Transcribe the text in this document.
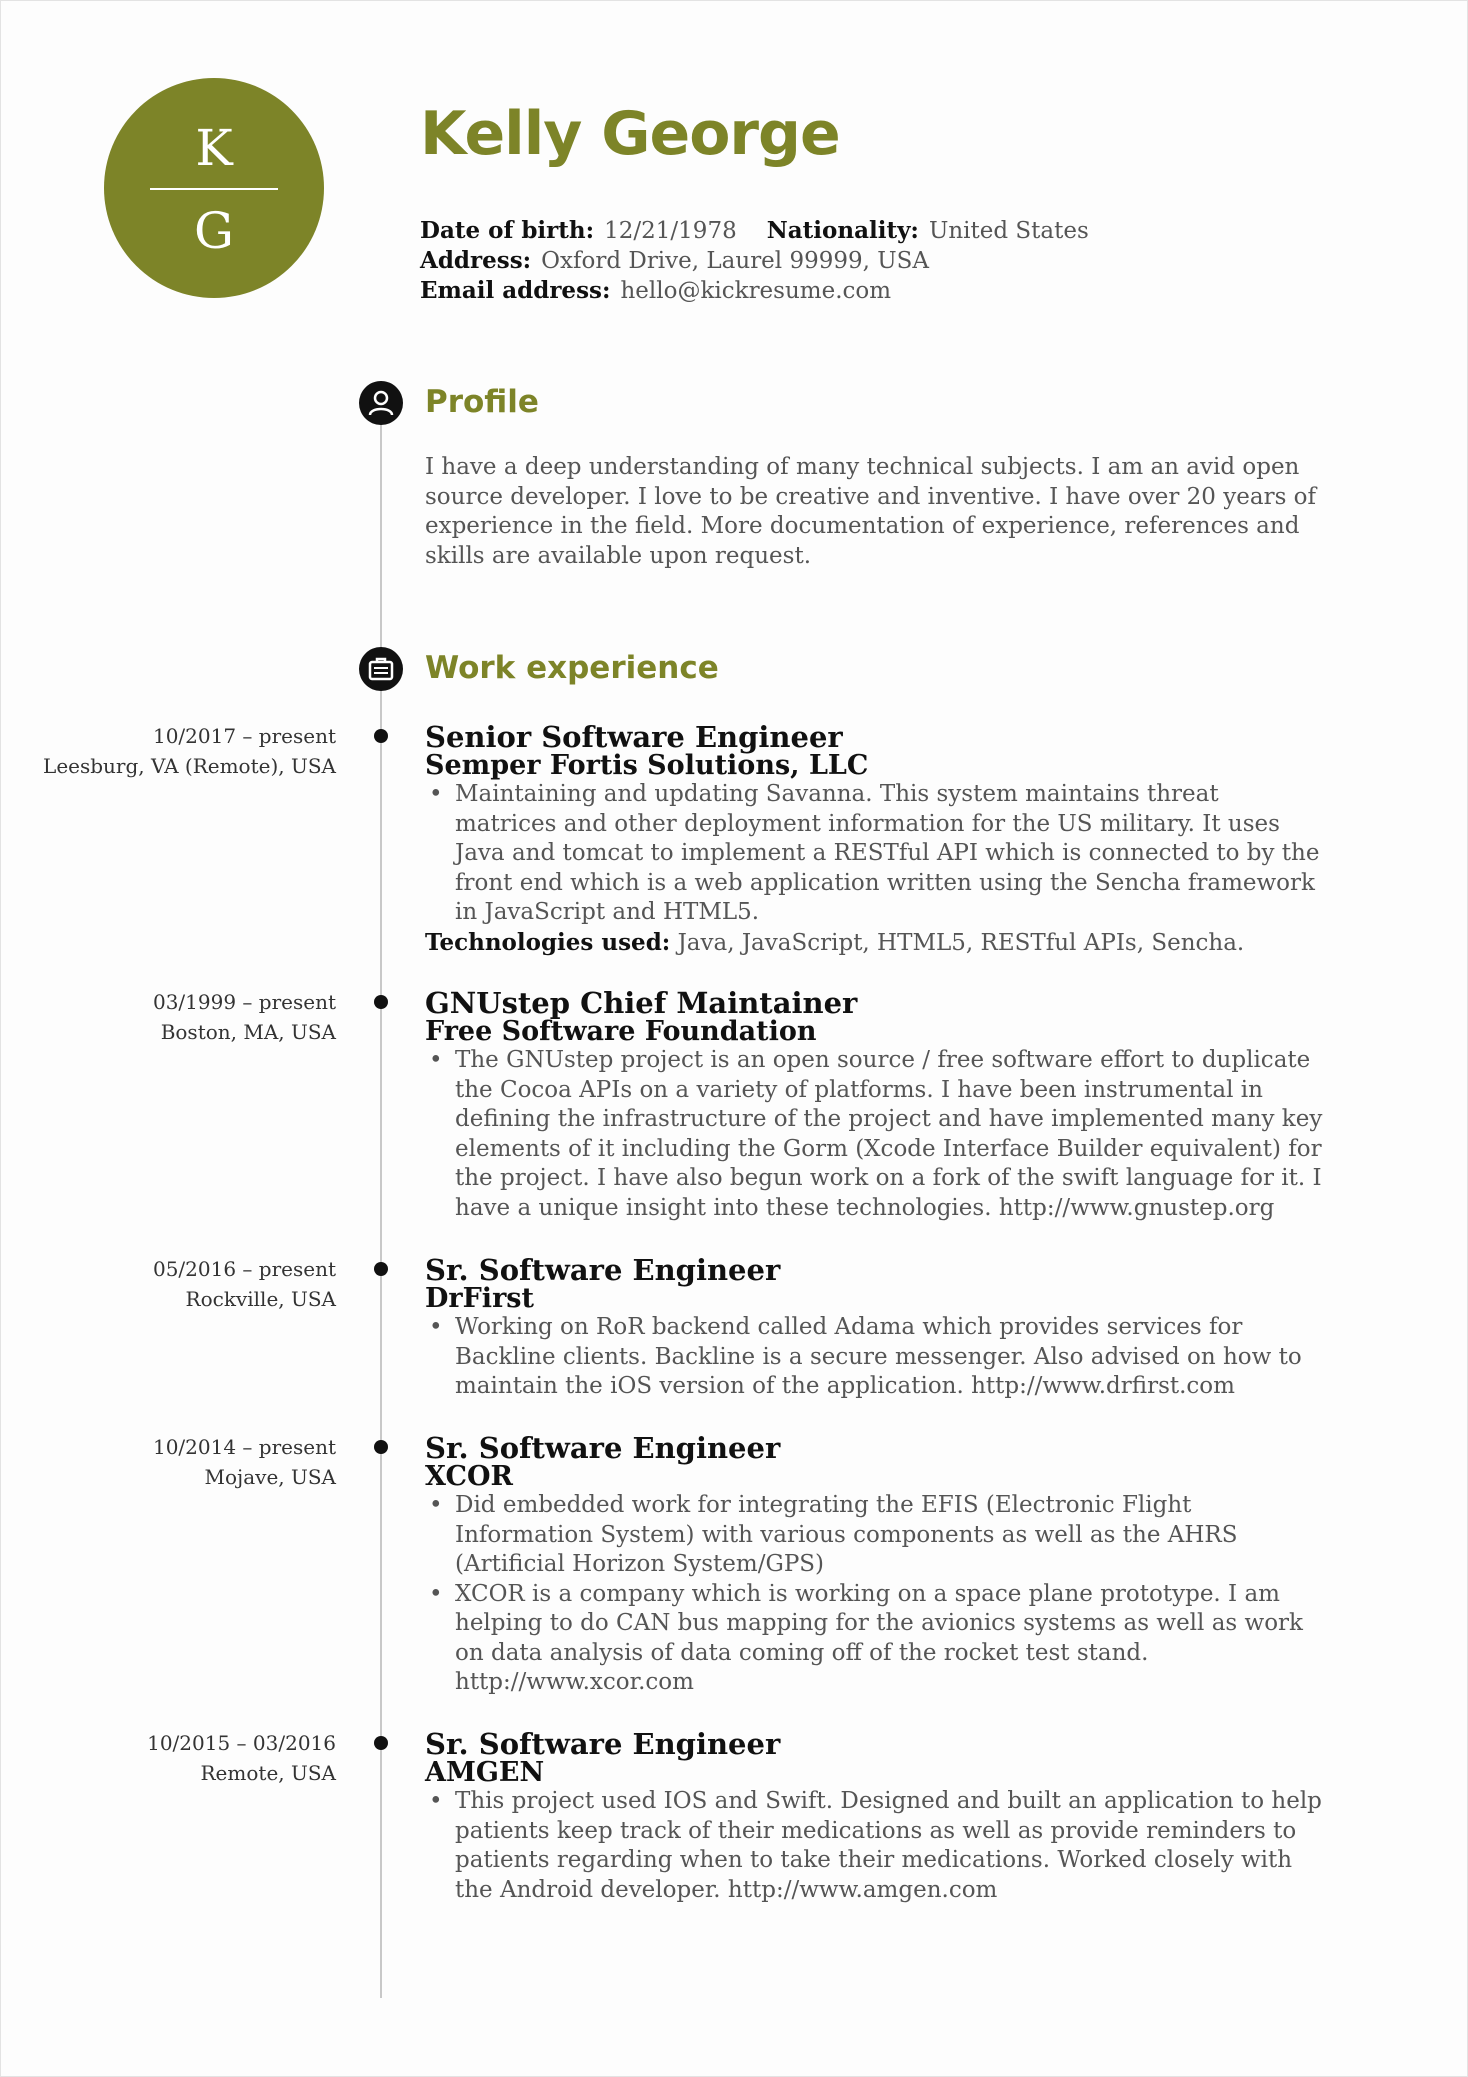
K
G
Kelly George
Date of birth: 12/21/1978 Nationality: United States
Address: Oxford Drive, Laurel 99999, USA
Email address: hello@kickresume.com
Profile
I have a deep understanding of many technical subjects. I am an avid open source developer. I love to be creative and inventive. I have over 20 years of experience in the field. More documentation of experience, references and skills are available upon request.
Work experience
10/2017 – present
Leesburg, VA (Remote), USA
Senior Software Engineer
Semper Fortis Solutions, LLC
• Maintaining and updating Savanna. This system maintains threat matrices and other deployment information for the US military. It uses Java and tomcat to implement a RESTful API which is connected to by the front end which is a web application written using the Sencha framework in JavaScript and HTML5.
Technologies used: Java, JavaScript, HTML5, RESTful APIs, Sencha.
03/1999 – present
Boston, MA, USA
GNUstep Chief Maintainer
Free Software Foundation
• The GNUstep project is an open source / free software effort to duplicate the Cocoa APIs on a variety of platforms. I have been instrumental in defining the infrastructure of the project and have implemented many key elements of it including the Gorm (Xcode Interface Builder equivalent) for the project. I have also begun work on a fork of the swift language for it. I have a unique insight into these technologies. http://www.gnustep.org
05/2016 – present
Rockville, USA
Sr. Software Engineer
DrFirst
• Working on RoR backend called Adama which provides services for Backline clients. Backline is a secure messenger. Also advised on how to maintain the iOS version of the application. http://www.drfirst.com
10/2014 – present
Mojave, USA
Sr. Software Engineer
XCOR
• Did embedded work for integrating the EFIS (Electronic Flight Information System) with various components as well as the AHRS (Artificial Horizon System/GPS)
• XCOR is a company which is working on a space plane prototype. I am helping to do CAN bus mapping for the avionics systems as well as work on data analysis of data coming off of the rocket test stand. http://www.xcor.com
10/2015 – 03/2016
Remote, USA
Sr. Software Engineer
AMGEN
• This project used IOS and Swift. Designed and built an application to help patients keep track of their medications as well as provide reminders to patients regarding when to take their medications. Worked closely with the Android developer. http://www.amgen.com
